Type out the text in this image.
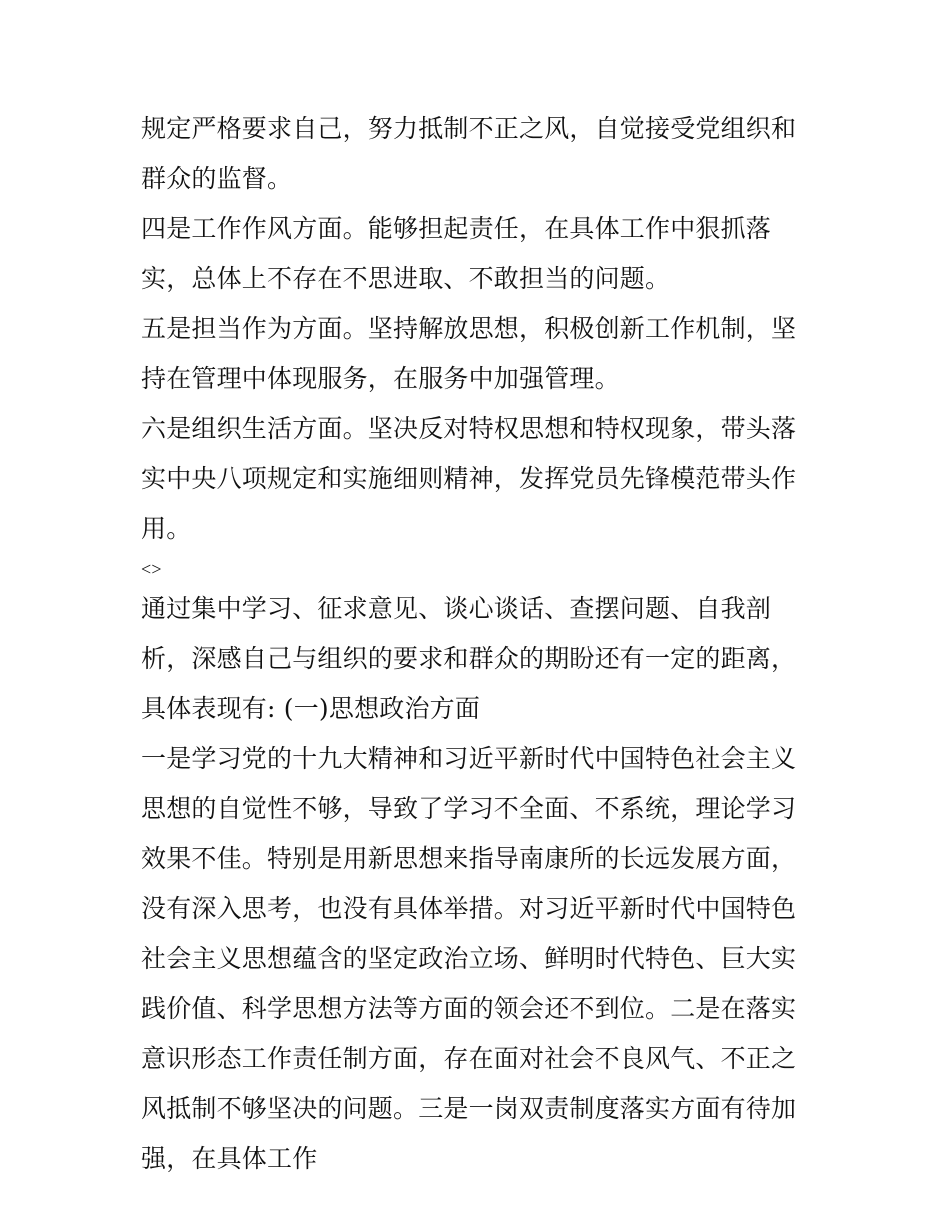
规定严格要求自己，努力抵制不正之风，自觉接受党组织和群众的监督。

四是工作作风方面。能够担起责任，在具体工作中狠抓落实，总体上不存在不思进取、不敢担当的问题。

五是担当作为方面。坚持解放思想，积极创新工作机制，坚持在管理中体现服务，在服务中加强管理。

六是组织生活方面。坚决反对特权思想和特权现象，带头落实中央八项规定和实施细则精神，发挥党员先锋模范带头作用。

<>

通过集中学习、征求意见、谈心谈话、查摆问题、自我剖析，深感自己与组织的要求和群众的期盼还有一定的距离，具体表现有: (一)思想政治方面

一是学习党的十九大精神和习近平新时代中国特色社会主义思想的自觉性不够，导致了学习不全面、不系统，理论学习效果不佳。特别是用新思想来指导南康所的长远发展方面，没有深入思考，也没有具体举措。对习近平新时代中国特色社会主义思想蕴含的坚定政治立场、鲜明时代特色、巨大实践价值、科学思想方法等方面的领会还不到位。二是在落实意识形态工作责任制方面，存在面对社会不良风气、不正之风抵制不够坚决的问题。三是一岗双责制度落实方面有待加强，在具体工作
